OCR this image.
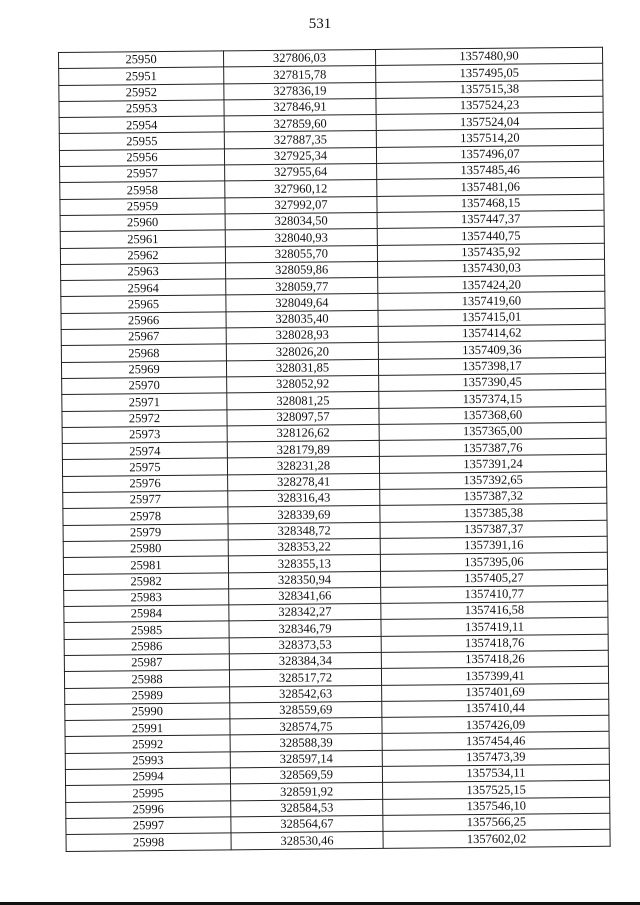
531
25950	327806,03	1357480,90
25951	327815,78	1357495,05
25952	327836,19	1357515,38
25953	327846,91	1357524,23
25954	327859,60	1357524,04
25955	327887,35	1357514,20
25956	327925,34	1357496,07
25957	327955,64	1357485,46
25958	327960,12	1357481,06
25959	327992,07	1357468,15
25960	328034,50	1357447,37
25961	328040,93	1357440,75
25962	328055,70	1357435,92
25963	328059,86	1357430,03
25964	328059,77	1357424,20
25965	328049,64	1357419,60
25966	328035,40	1357415,01
25967	328028,93	1357414,62
25968	328026,20	1357409,36
25969	328031,85	1357398,17
25970	328052,92	1357390,45
25971	328081,25	1357374,15
25972	328097,57	1357368,60
25973	328126,62	1357365,00
25974	328179,89	1357387,76
25975	328231,28	1357391,24
25976	328278,41	1357392,65
25977	328316,43	1357387,32
25978	328339,69	1357385,38
25979	328348,72	1357387,37
25980	328353,22	1357391,16
25981	328355,13	1357395,06
25982	328350,94	1357405,27
25983	328341,66	1357410,77
25984	328342,27	1357416,58
25985	328346,79	1357419,11
25986	328373,53	1357418,76
25987	328384,34	1357418,26
25988	328517,72	1357399,41
25989	328542,63	1357401,69
25990	328559,69	1357410,44
25991	328574,75	1357426,09
25992	328588,39	1357454,46
25993	328597,14	1357473,39
25994	328569,59	1357534,11
25995	328591,92	1357525,15
25996	328584,53	1357546,10
25997	328564,67	1357566,25
25998	328530,46	1357602,02
